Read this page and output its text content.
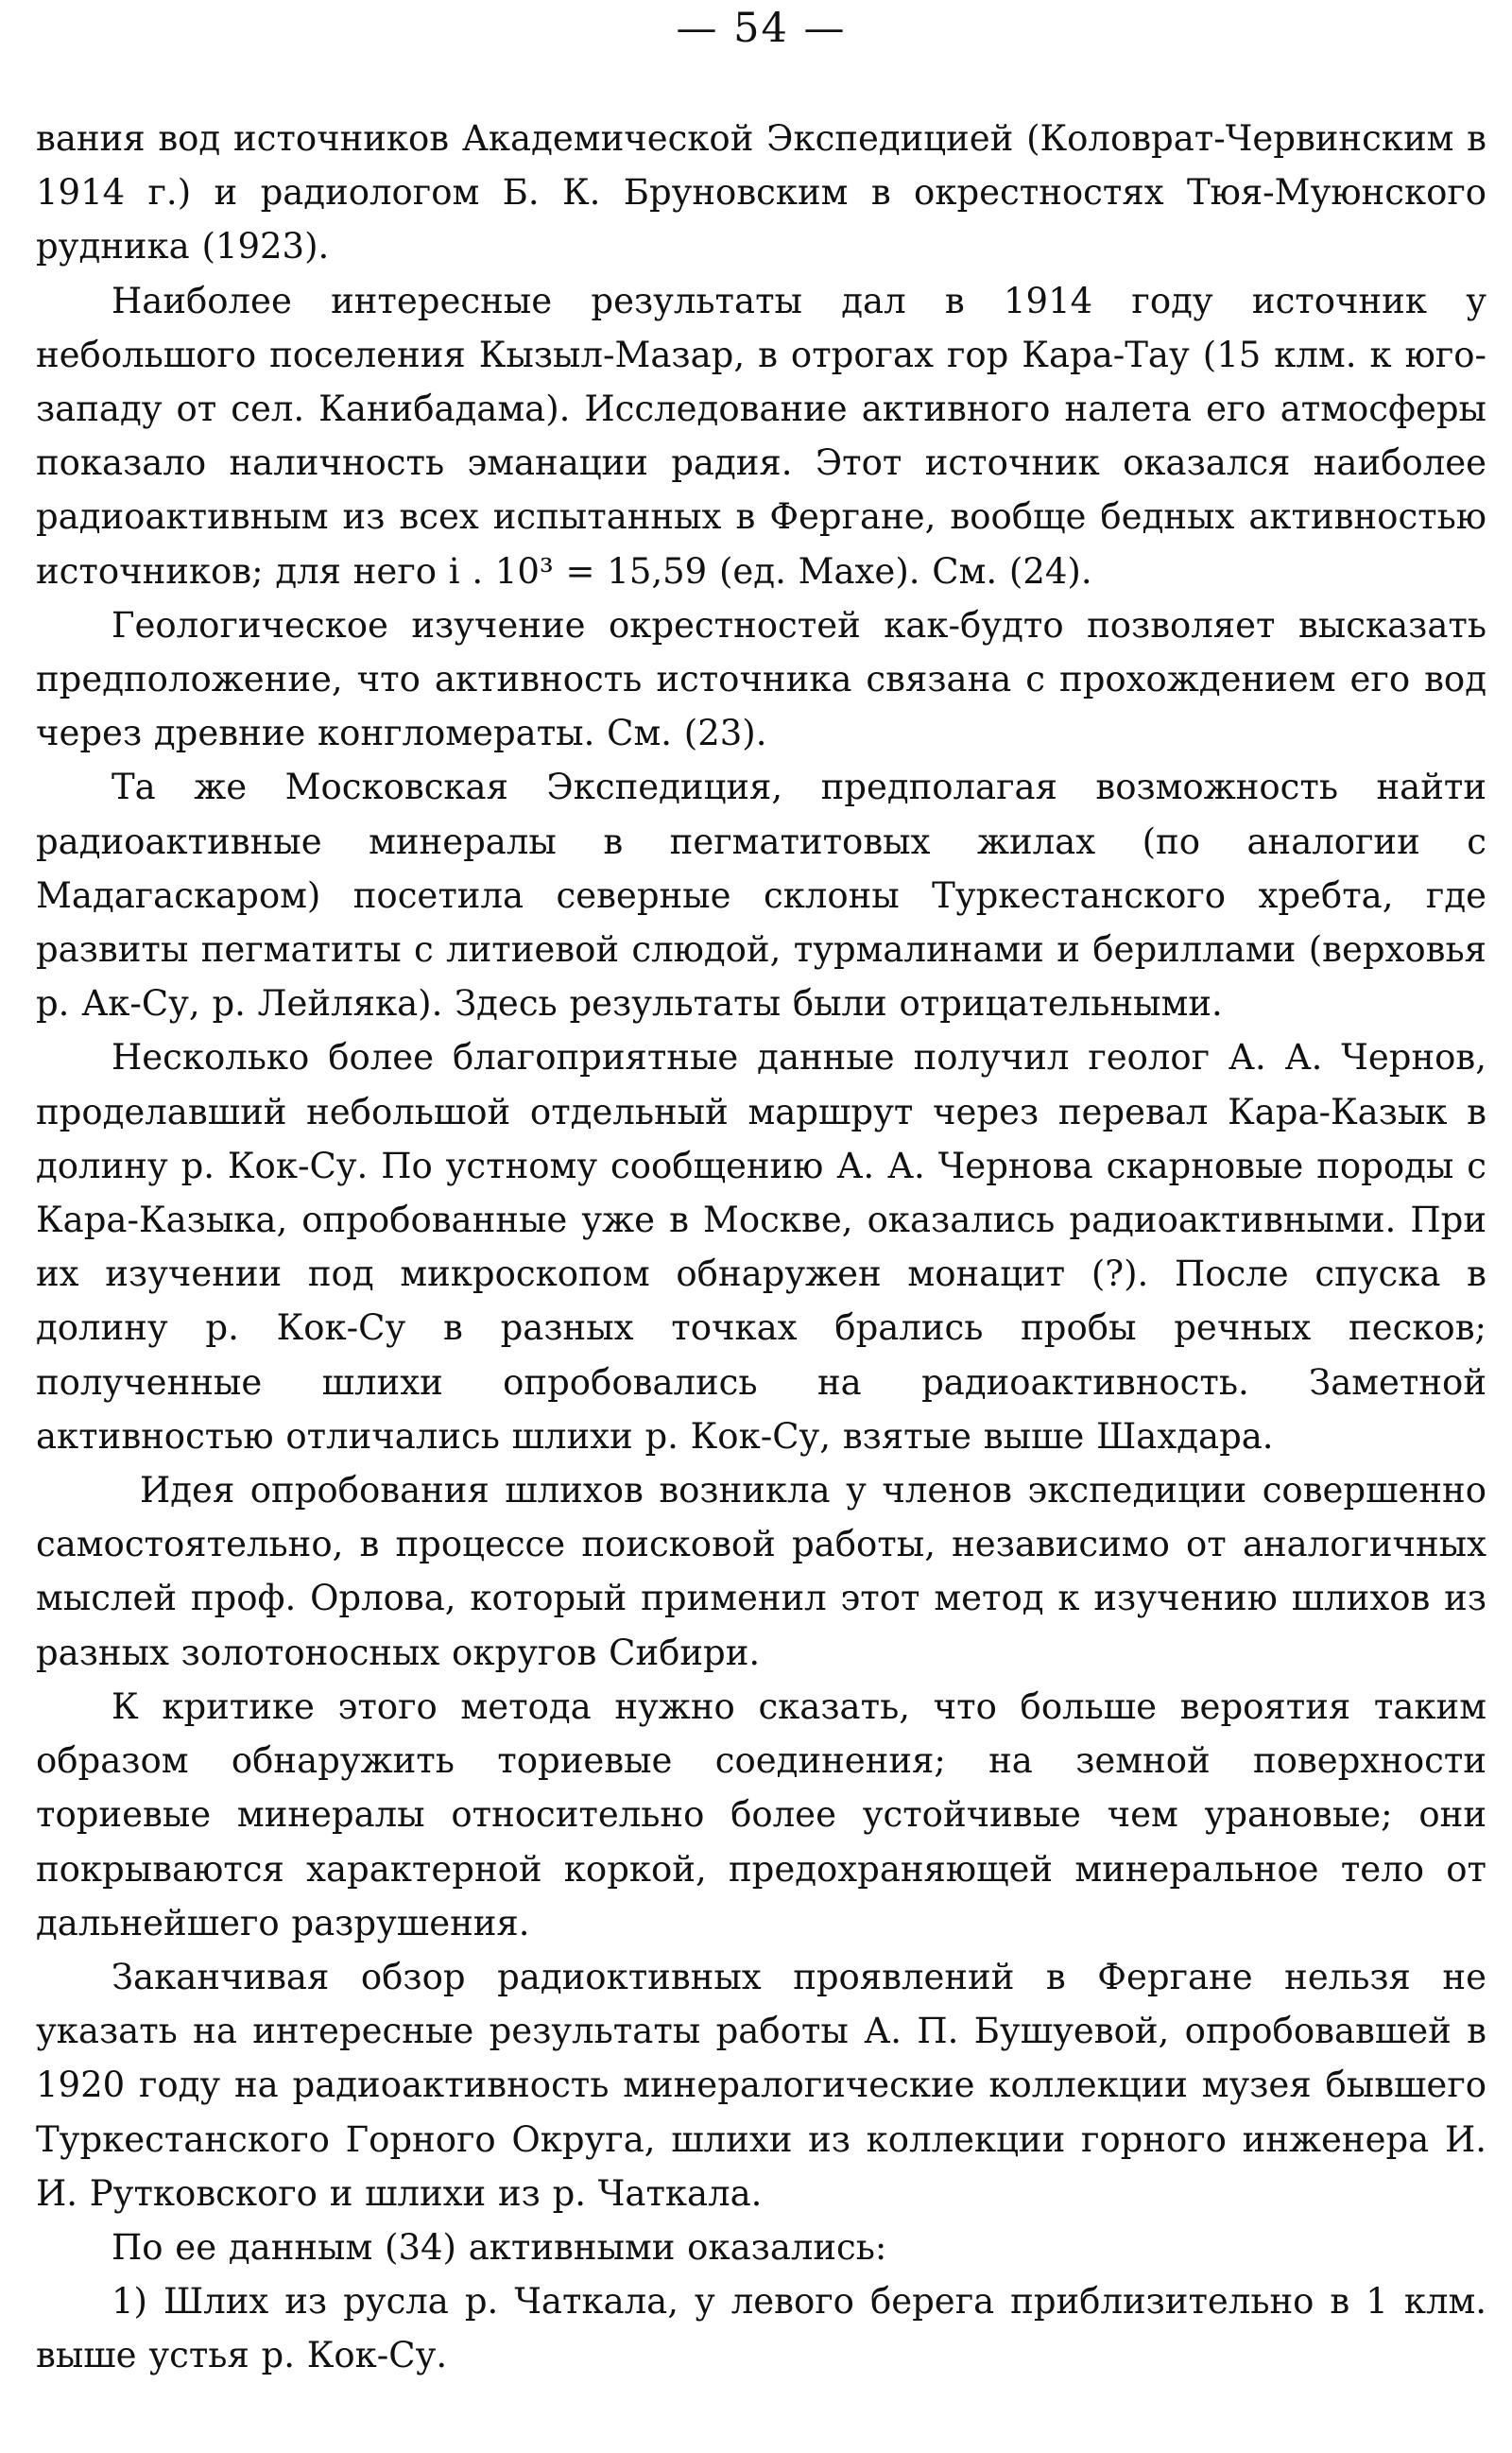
— 54 —

вания вод источников Академической Экспедицией (Коловрат-Червинским в 1914 г.) и радиологом Б. К. Бруновским в окрестностях Тюя-Муюнского рудника (1923).

Наиболее интересные результаты дал в 1914 году источник у небольшого поселения Кызыл-Мазар, в отрогах гор Кара-Тау (15 клм. к юго-западу от сел. Канибадама). Исследование активного налета его атмосферы показало наличность эманации радия. Этот источник оказался наиболее радиоактивным из всех испытанных в Фергане, вообще бедных активностью источников; для него i . 10³ = 15,59 (ед. Махе). См. (24).

Геологическое изучение окрестностей как-будто позволяет высказать предположение, что активность источника связана с прохождением его вод через древние конгломераты. См. (23).

Та же Московская Экспедиция, предполагая возможность найти радиоактивные минералы в пегматитовых жилах (по аналогии с Мадагаскаром) посетила северные склоны Туркестанского хребта, где развиты пегматиты с литиевой слюдой, турмалинами и бериллами (верховья р. Ак-Су, р. Лейляка). Здесь результаты были отрицательными.

Несколько более благоприятные данные получил геолог А. А. Чернов, проделавший небольшой отдельный маршрут через перевал Кара-Казык в долину р. Кок-Су. По устному сообщению А. А. Чернова скарновые породы с Кара-Казыка, опробованные уже в Москве, оказались радиоактивными. При их изучении под микроскопом обнаружен монацит (?). После спуска в долину р. Кок-Су в разных точках брались пробы речных песков; полученные шлихи опробовались на радиоактивность. Заметной активностью отличались шлихи р. Кок-Су, взятые выше Шахдара.

Идея опробования шлихов возникла у членов экспедиции совершенно самостоятельно, в процессе поисковой работы, независимо от аналогичных мыслей проф. Орлова, который применил этот метод к изучению шлихов из разных золотоносных округов Сибири.

К критике этого метода нужно сказать, что больше вероятия таким образом обнаружить ториевые соединения; на земной поверхности ториевые минералы относительно более устойчивые чем урановые; они покрываются характерной коркой, предохраняющей минеральное тело от дальнейшего разрушения.

Заканчивая обзор радиоктивных проявлений в Фергане нельзя не указать на интересные результаты работы А. П. Бушуевой, опробовавшей в 1920 году на радиоактивность минералогические коллекции музея бывшего Туркестанского Горного Округа, шлихи из коллекции горного инженера И. И. Рутковского и шлихи из р. Чаткала.

По ее данным (34) активными оказались:

1) Шлих из русла р. Чаткала, у левого берега приблизительно в 1 клм. выше устья р. Кок-Су.
